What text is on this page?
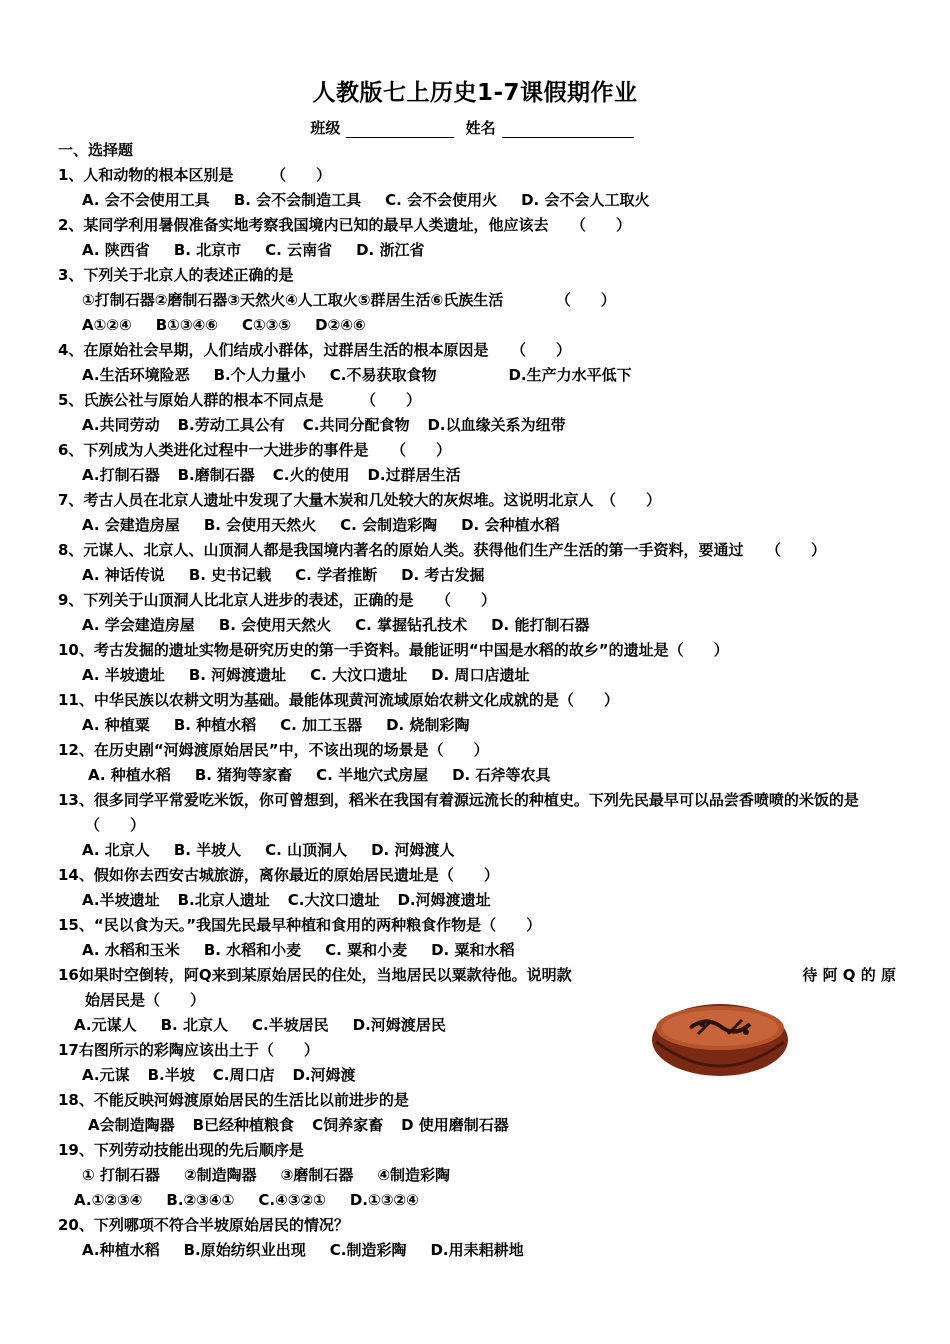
人教版七上历史1-7课假期作业
班级	姓名
一、选择题
1、人和动物的根本区别是　　　（　　）
A. 会不会使用工具 B. 会不会制造工具 C. 会不会使用火 D. 会不会人工取火
2、某同学利用暑假准备实地考察我国境内已知的最早人类遗址，他应该去　　（　　）
A. 陕西省 B. 北京市 C. 云南省 D. 浙江省
3、下列关于北京人的表述正确的是
①打制石器②磨制石器③天然火④人工取火⑤群居生活⑥氏族生活　　　　（　　）
A①②④ B①③④⑥ C①③⑤ D②④⑥
4、在原始社会早期，人们结成小群体，过群居生活的根本原因是　　（　　）
A.生活环境险恶 B.个人力量小 C.不易获取食物	D.生产力水平低下
5、氏族公社与原始人群的根本不同点是　　　（　　）
A.共同劳动 B.劳动工具公有 C.共同分配食物 D.以血缘关系为纽带
6、下列成为人类进化过程中一大进步的事件是　　（　　）
A.打制石器 B.磨制石器 C.火的使用 D.过群居生活
7、考古人员在北京人遗址中发现了大量木炭和几处较大的灰烬堆。这说明北京人　（　　）
A. 会建造房屋 B. 会使用天然火 C. 会制造彩陶 D. 会种植水稻
8、元谋人、北京人、山顶洞人都是我国境内著名的原始人类。获得他们生产生活的第一手资料，要通过　　（　　）
A. 神话传说 B. 史书记载 C. 学者推断 D. 考古发掘
9、下列关于山顶洞人比北京人进步的表述，正确的是　　（　　）
A. 学会建造房屋 B. 会使用天然火 C. 掌握钻孔技术 D. 能打制石器
10、考古发掘的遗址实物是研究历史的第一手资料。最能证明“中国是水稻的故乡”的遗址是（　　）
A. 半坡遗址 B. 河姆渡遗址 C. 大汶口遗址 D. 周口店遗址
11、中华民族以农耕文明为基础。最能体现黄河流域原始农耕文化成就的是（　　）
A. 种植粟 B. 种植水稻 C. 加工玉器 D. 烧制彩陶
12、在历史剧“河姆渡原始居民”中，不该出现的场景是（　　）
A. 种植水稻 B. 猪狗等家畜 C. 半地穴式房屋 D. 石斧等农具
13、很多同学平常爱吃米饭，你可曾想到，稻米在我国有着源远流长的种植史。下列先民最早可以品尝香喷喷的米饭的是（　　）
A. 北京人 B. 半坡人 C. 山顶洞人 D. 河姆渡人
14、假如你去西安古城旅游，离你最近的原始居民遗址是（　　）
A.半坡遗址 B.北京人遗址 C.大汶口遗址 D.河姆渡遗址
15、“民以食为天。”我国先民最早种植和食用的两种粮食作物是（　　）
A. 水稻和玉米 B. 水稻和小麦 C. 粟和小麦 D. 粟和水稻
16如果时空倒转，阿Q来到某原始居民的住处，当地居民以粟款待他。说明款	待 阿 Q 的 原
始居民是（　　）
A.元谋人 B. 北京人 C.半坡居民 D.河姆渡居民
17右图所示的彩陶应该出土于（　　）
A.元谋 B.半坡 C.周口店 D.河姆渡
18、不能反映河姆渡原始居民的生活比以前进步的是
A会制造陶器 B已经种植粮食 C饲养家畜 D 使用磨制石器
19、下列劳动技能出现的先后顺序是
① 打制石器 ②制造陶器 ③磨制石器 ④制造彩陶
A.①②③④ B.②③④① C.④③②① D.①③②④
20、下列哪项不符合半坡原始居民的情况？
A.种植水稻 B.原始纺织业出现 C.制造彩陶 D.用耒耜耕地
